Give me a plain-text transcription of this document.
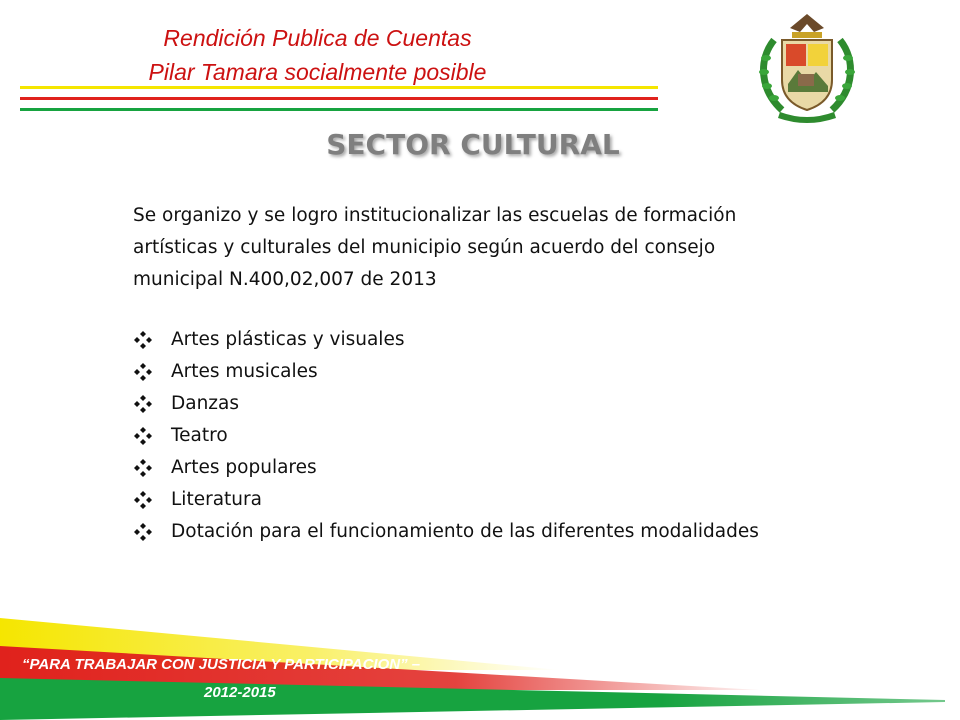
Rendición Publica de Cuentas
Pilar Tamara socialmente posible
SECTOR CULTURAL
Se organizo y se logro institucionalizar las escuelas de formación
artísticas y culturales del municipio según acuerdo del consejo
municipal N.400,02,007 de 2013
Artes plásticas y visuales
Artes musicales
Danzas
Teatro
Artes populares
Literatura
Dotación para el funcionamiento de las diferentes modalidades
“PARA TRABAJAR CON JUSTICIA Y PARTICIPACION” –
2012-2015
